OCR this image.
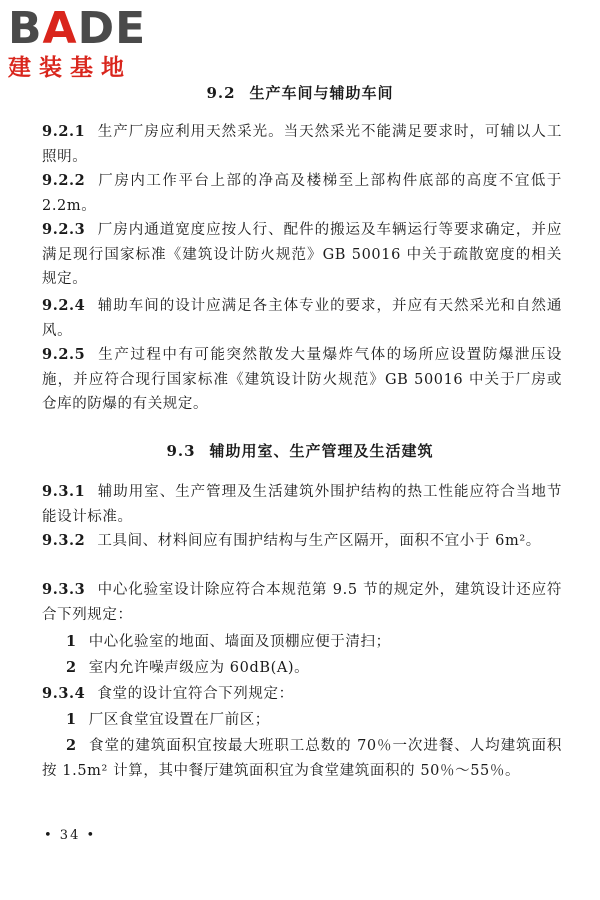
BADE
建装基地
9.2 生产车间与辅助车间
9.2.1 生产厂房应利用天然采光。当天然采光不能满足要求时，可辅以人工照明。
9.2.2 厂房内工作平台上部的净高及楼梯至上部构件底部的高度不宜低于 2.2m。
9.2.3 厂房内通道宽度应按人行、配件的搬运及车辆运行等要求确定，并应满足现行国家标准《建筑设计防火规范》GB 50016 中关于疏散宽度的相关规定。
9.2.4 辅助车间的设计应满足各主体专业的要求，并应有天然采光和自然通风。
9.2.5 生产过程中有可能突然散发大量爆炸气体的场所应设置防爆泄压设施，并应符合现行国家标准《建筑设计防火规范》GB 50016 中关于厂房或仓库的防爆的有关规定。
9.3 辅助用室、生产管理及生活建筑
9.3.1 辅助用室、生产管理及生活建筑外围护结构的热工性能应符合当地节能设计标准。
9.3.2 工具间、材料间应有围护结构与生产区隔开，面积不宜小于 6m²。
9.3.3 中心化验室设计除应符合本规范第 9.5 节的规定外，建筑设计还应符合下列规定：
1 中心化验室的地面、墙面及顶棚应便于清扫；
2 室内允许噪声级应为 60dB(A)。
9.3.4 食堂的设计宜符合下列规定：
1 厂区食堂宜设置在厂前区；
2 食堂的建筑面积宜按最大班职工总数的 70％一次进餐、人均建筑面积按 1.5m² 计算，其中餐厅建筑面积宜为食堂建筑面积的 50％～55％。
• 34 •
